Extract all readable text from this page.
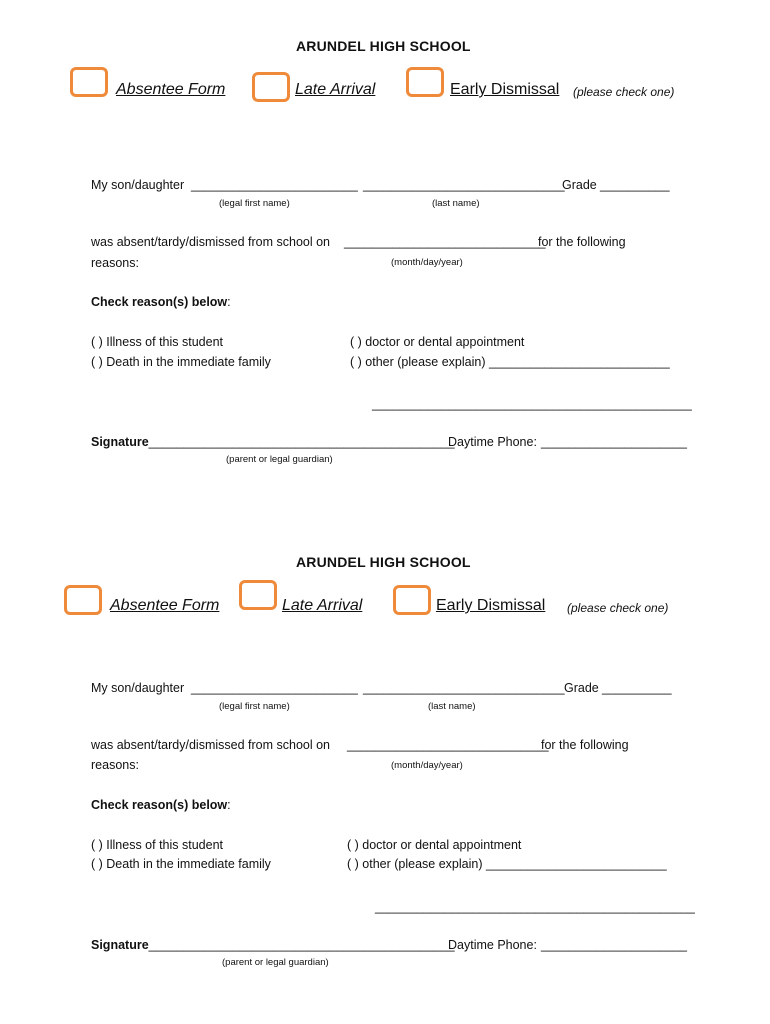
ARUNDEL HIGH SCHOOL
Absentee Form	Late Arrival	Early Dismissal (please check one)
My son/daughter ________________________ _____________________________
Grade __________
(legal first name)	(last name)
was absent/tardy/dismissed from school on _____________________________
for the following
reasons:	(month/day/year)
Check reason(s) below:
( ) Illness of this student
( ) Death in the immediate family
( ) doctor or dental appointment
( ) other (please explain) __________________________
______________________________________________
Signature____________________________________________
Daytime Phone: _____________________
(parent or legal guardian)
ARUNDEL HIGH SCHOOL
Absentee Form	Late Arrival	Early Dismissal (please check one)
My son/daughter ________________________ _____________________________ Grade __________
(legal first name)	(last name)
was absent/tardy/dismissed from school on _____________________________
for the following
reasons:	(month/day/year)
Check reason(s) below:
( ) Illness of this student
( ) Death in the immediate family
( ) doctor or dental appointment
( ) other (please explain) __________________________
______________________________________________
Signature____________________________________________
Daytime Phone: _____________________
(parent or legal guardian)
